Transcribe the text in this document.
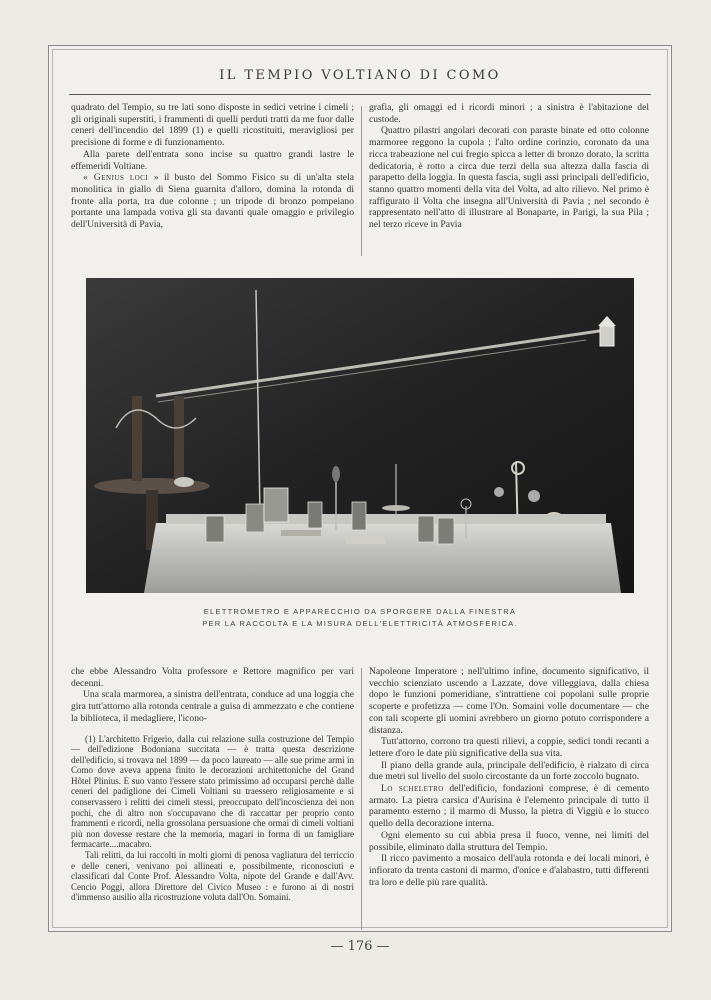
IL TEMPIO VOLTIANO DI COMO

quadrato del Tempio, su tre lati sono disposte in sedici vetrine i cimeli ; gli originali superstiti, i frammenti di quelli perduti tratti da me fuor dalle ceneri dell'incendio del 1899 (1) e quelli ricostituiti, meravigliosi per precisione di forme e di funzionamento.

Alla parete dell'entrata sono incise su quattro grandi lastre le effemeridi Voltiane.

« Genius loci » il busto del Sommo Fisico su di un'alta stela monolitica in giallo di Siena guarnita d'alloro, domina la rotonda di fronte alla porta, tra due colonne ; un tripode di bronzo pompeiano portante una lampada votiva gli sta davanti quale omaggio e privilegio dell'Università di Pavia,

grafia, gli omaggi ed i ricordi minori ; a sinistra è l'abitazione del custode.

Quattro pilastri angolari decorati con paraste binate ed otto colonne marmoree reggono la cupola ; l'alto ordine corinzio, coronato da una ricca trabeazione nel cui fregio spicca a letter di bronzo dorato, la scritta dedicatoria, è rotto a circa due terzi della sua altezza dalla fascia di parapetto della loggia. In questa fascia, sugli assi principali dell'edificio, stanno quattro momenti della vita del Volta, ad alto rilievo. Nel primo è raffigurato il Volta che insegna all'Università di Pavia ; nel secondo è rappresentato nell'atto di illustrare al Bonaparte, in Parigi, la sua Pila ; nel terzo riceve in Pavia

ELETTROMETRO E APPARECCHIO DA SPORGERE DALLA FINESTRA
PER LA RACCOLTA E LA MISURA DELL'ELETTRICITÀ ATMOSFERICA.

che ebbe Alessandro Volta professore e Rettore magnifico per vari decenni.

Una scala marmorea, a sinistra dell'entrata, conduce ad una loggia che gira tutt'attorno alla rotonda centrale a guisa di ammezzato e che contiene la biblioteca, il medagliere, l'icono-

(1) L'architetto Frigerio, dalla cui relazione sulla costruzione del Tempio — dell'edizione Bodoniana succitata — è tratta questa descrizione dell'edificio, si trovava nel 1899 — da poco laureato — alle sue prime armi in Como dove aveva appena finito le decorazioni architettoniche del Grand Hôtel Plinius. E suo vanto l'essere stato primissimo ad occuparsi perchè dalle ceneri del padiglione dei Cimeli Voltiani su traessero religiosamente e si conservassero i relitti dei cimeli stessi, preoccupato dell'incoscienza dei non pochi, che di altro non s'occupavano che di raccattar per proprio conto frammenti e ricordi, nella grossolana persuasione che ormai di cimeli voltiani più non dovesse restare che la memoria, magari in forma di un famigliare fermacarte....macabro.

Tali relitti, da lui raccolti in molti giorni di penosa vagliatura del terriccio e delle ceneri, venivano poi allineati e, possibilmente, riconosciuti e classificati dal Conte Prof. Alessandro Volta, nipote del Grande e dall'Avv. Cencio Poggi, allora Direttore del Civico Museo : e furono ai di nostri d'immenso ausilio alla ricostruzione voluta dall'On. Somaini.

Napoleone Imperatore ; nell'ultimo infine, documento significativo, il vecchio scienziato uscendo a Lazzate, dove villeggiava, dalla chiesa dopo le funzioni pomeridiane, s'intrattiene coi popolani sulle proprie scoperte e profetizza — come l'On. Somaini volle documentare — che con tali scoperte gli uomini avrebbero un giorno potuto corrispondere a distanza.

Tutt'attorno, corrono tra questi rilievi, a coppie, sedici tondi recanti a lettere d'oro le date più significative della sua vita.

Il piano della grande aula, principale dell'edificio, è rialzato di circa due metri sul livello del suolo circostante da un forte zoccolo bugnato.

Lo scheletro dell'edificio, fondazioni comprese, è di cemento armato. La pietra carsica d'Aurisina è l'elemento principale di tutto il paramento esterno ; il marmo di Musso, la pietra di Viggiù e lo stucco quello della decorazione interna.

Ogni elemento su cui abbia presa il fuoco, venne, nei limiti del possibile, eliminato dalla struttura del Tempio.

Il ricco pavimento a mosaico dell'aula rotonda e dei locali minori, è infiorato da trenta castoni di marmo, d'onice e d'alabastro, tutti differenti tra loro e delle più rare qualità.

— 176 —
